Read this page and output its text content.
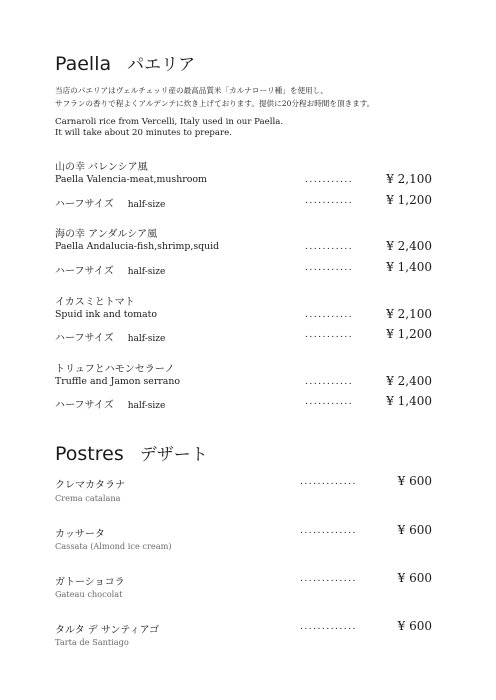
Paella パエリア
当店のパエリアはヴェルチェッリ産の最高品質米「カルナローリ種」を使用し、
サフランの香りで程よくアルデンテに炊き上げております。提供に20分程お時間を頂きます。
Carnaroli rice from Vercelli, Italy used in our Paella.
It will take about 20 minutes to prepare.
山の幸 バレンシア風
Paella Valencia-meat,mushroom	...........	¥ 2,100
ハーフサイズ half-size	...........	¥ 1,200
海の幸 アンダルシア風
Paella Andalucia-fish,shrimp,squid	...........	¥ 2,400
ハーフサイズ half-size	...........	¥ 1,400
イカスミとトマト
Spuid ink and tomato	...........	¥ 2,100
ハーフサイズ half-size	...........	¥ 1,200
トリュフとハモンセラーノ
Truffle and Jamon serrano	...........	¥ 2,400
ハーフサイズ half-size	...........	¥ 1,400
Postres デザート
クレマカタラナ	.............	¥ 600
Crema catalana
カッサータ	.............	¥ 600
Cassata (Almond ice cream)
ガトーショコラ	.............	¥ 600
Gateau chocolat
タルタ デ サンティアゴ	.............	¥ 600
Tarta de Santiago
